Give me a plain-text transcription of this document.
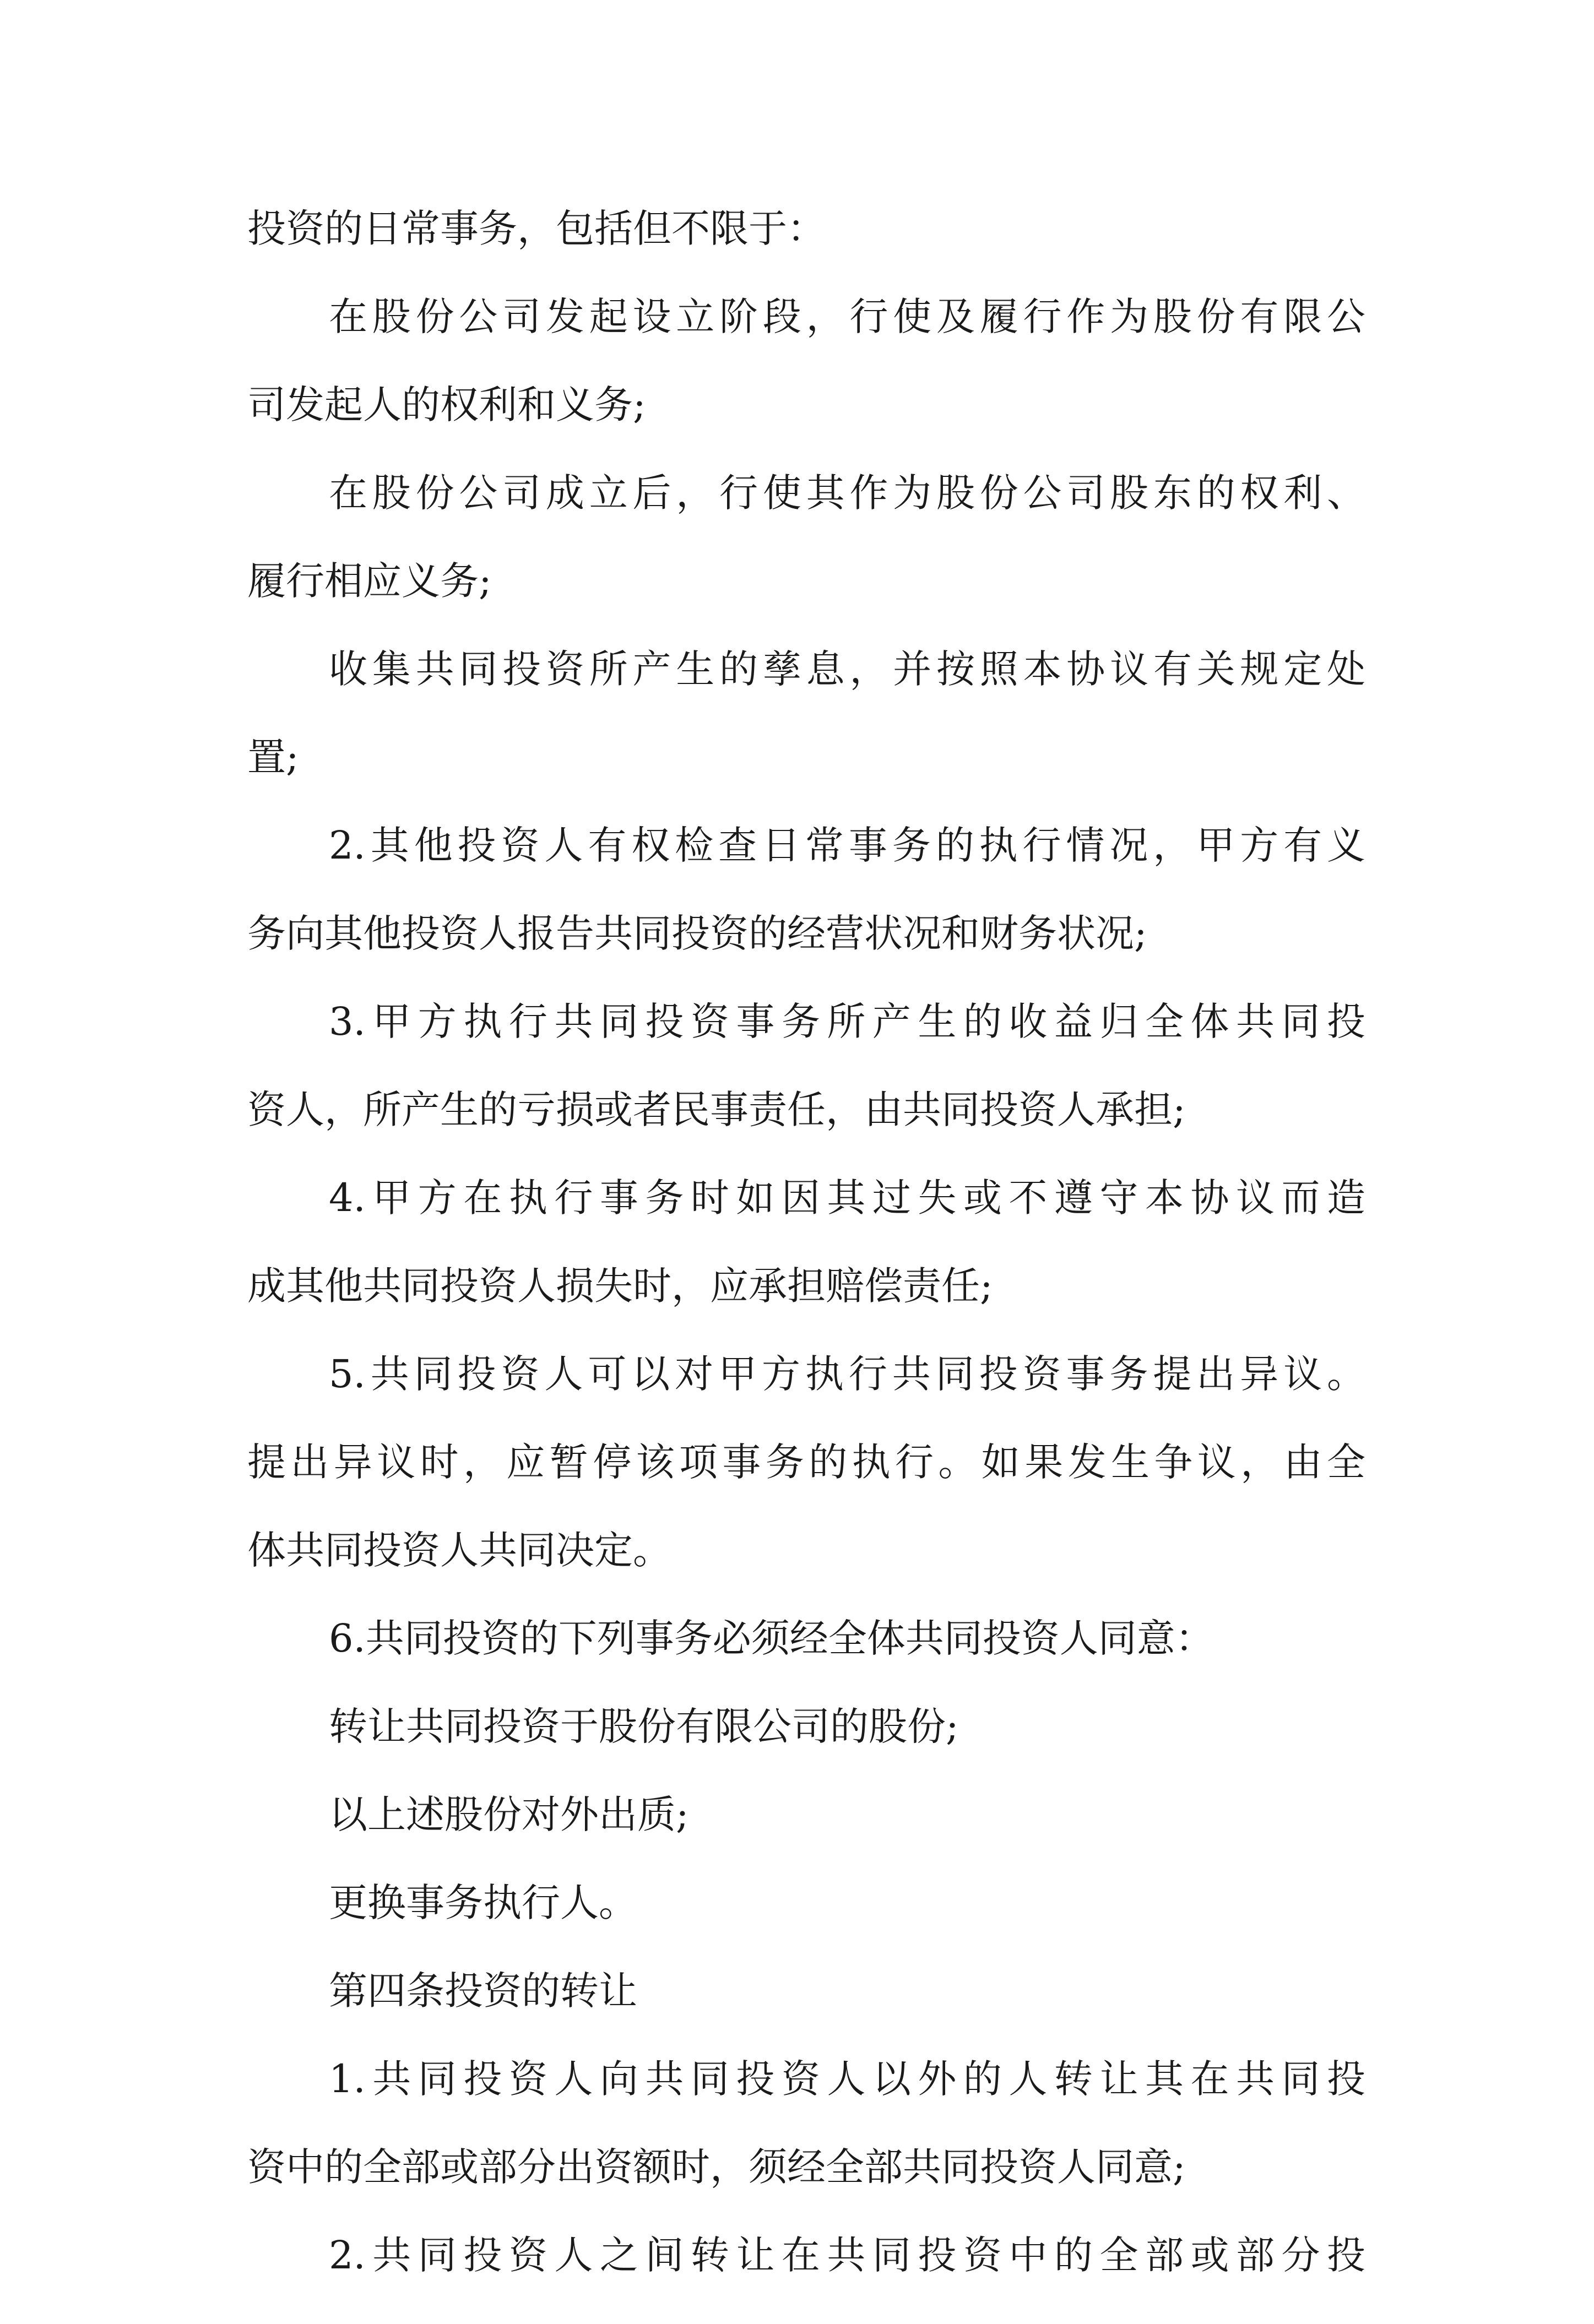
投资的日常事务，包括但不限于：
在股份公司发起设立阶段，行使及履行作为股份有限公
司发起人的权利和义务;
在股份公司成立后，行使其作为股份公司股东的权利、
履行相应义务;
收集共同投资所产生的孳息，并按照本协议有关规定处
置;
2.其他投资人有权检查日常事务的执行情况，甲方有义
务向其他投资人报告共同投资的经营状况和财务状况;
3.甲方执行共同投资事务所产生的收益归全体共同投
资人，所产生的亏损或者民事责任，由共同投资人承担;
4.甲方在执行事务时如因其过失或不遵守本协议而造
成其他共同投资人损失时，应承担赔偿责任;
5.共同投资人可以对甲方执行共同投资事务提出异议。
提出异议时，应暂停该项事务的执行。如果发生争议，由全
体共同投资人共同决定。
6.共同投资的下列事务必须经全体共同投资人同意：
转让共同投资于股份有限公司的股份;
以上述股份对外出质;
更换事务执行人。
第四条投资的转让
1.共同投资人向共同投资人以外的人转让其在共同投
资中的全部或部分出资额时，须经全部共同投资人同意;
2.共同投资人之间转让在共同投资中的全部或部分投
